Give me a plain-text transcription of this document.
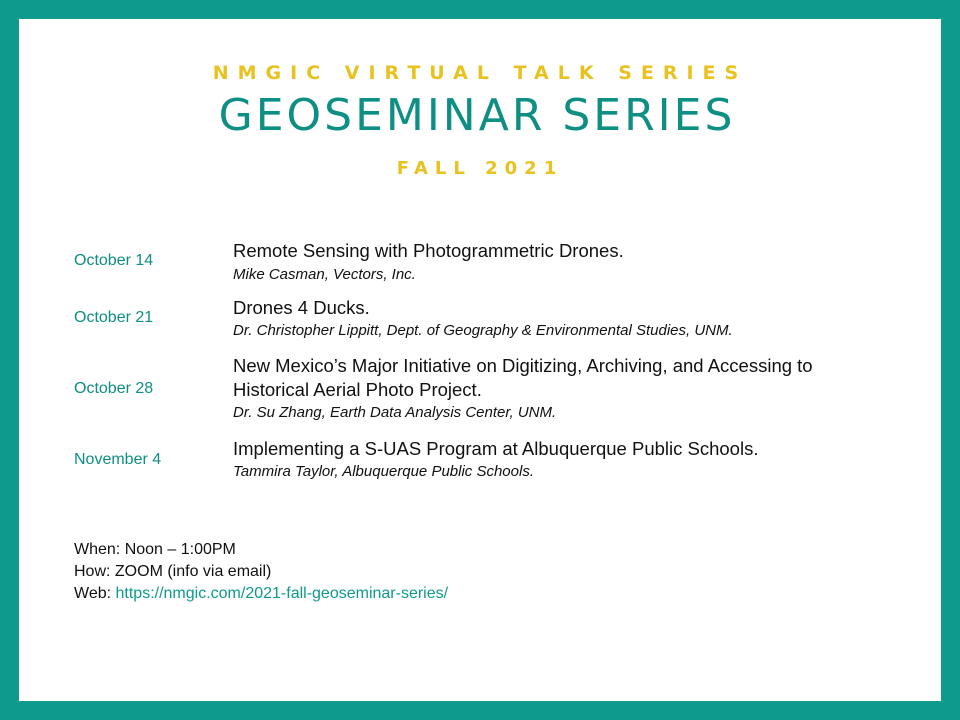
NMGIC VIRTUAL TALK SERIES
GEOSEMINAR SERIES
FALL 2021
October 14	Remote Sensing with Photogrammetric Drones.
Mike Casman, Vectors, Inc.
October 21	Drones 4 Ducks.
Dr. Christopher Lippitt, Dept. of Geography & Environmental Studies, UNM.
October 28
New Mexico’s Major Initiative on Digitizing, Archiving, and Accessing to Historical Aerial Photo Project.
Dr. Su Zhang, Earth Data Analysis Center, UNM.
November 4
Implementing a S-UAS Program at Albuquerque Public Schools.
Tammira Taylor, Albuquerque Public Schools.
When: Noon – 1:00PM
How: ZOOM (info via email)
Web: https://nmgic.com/2021-fall-geoseminar-series/
